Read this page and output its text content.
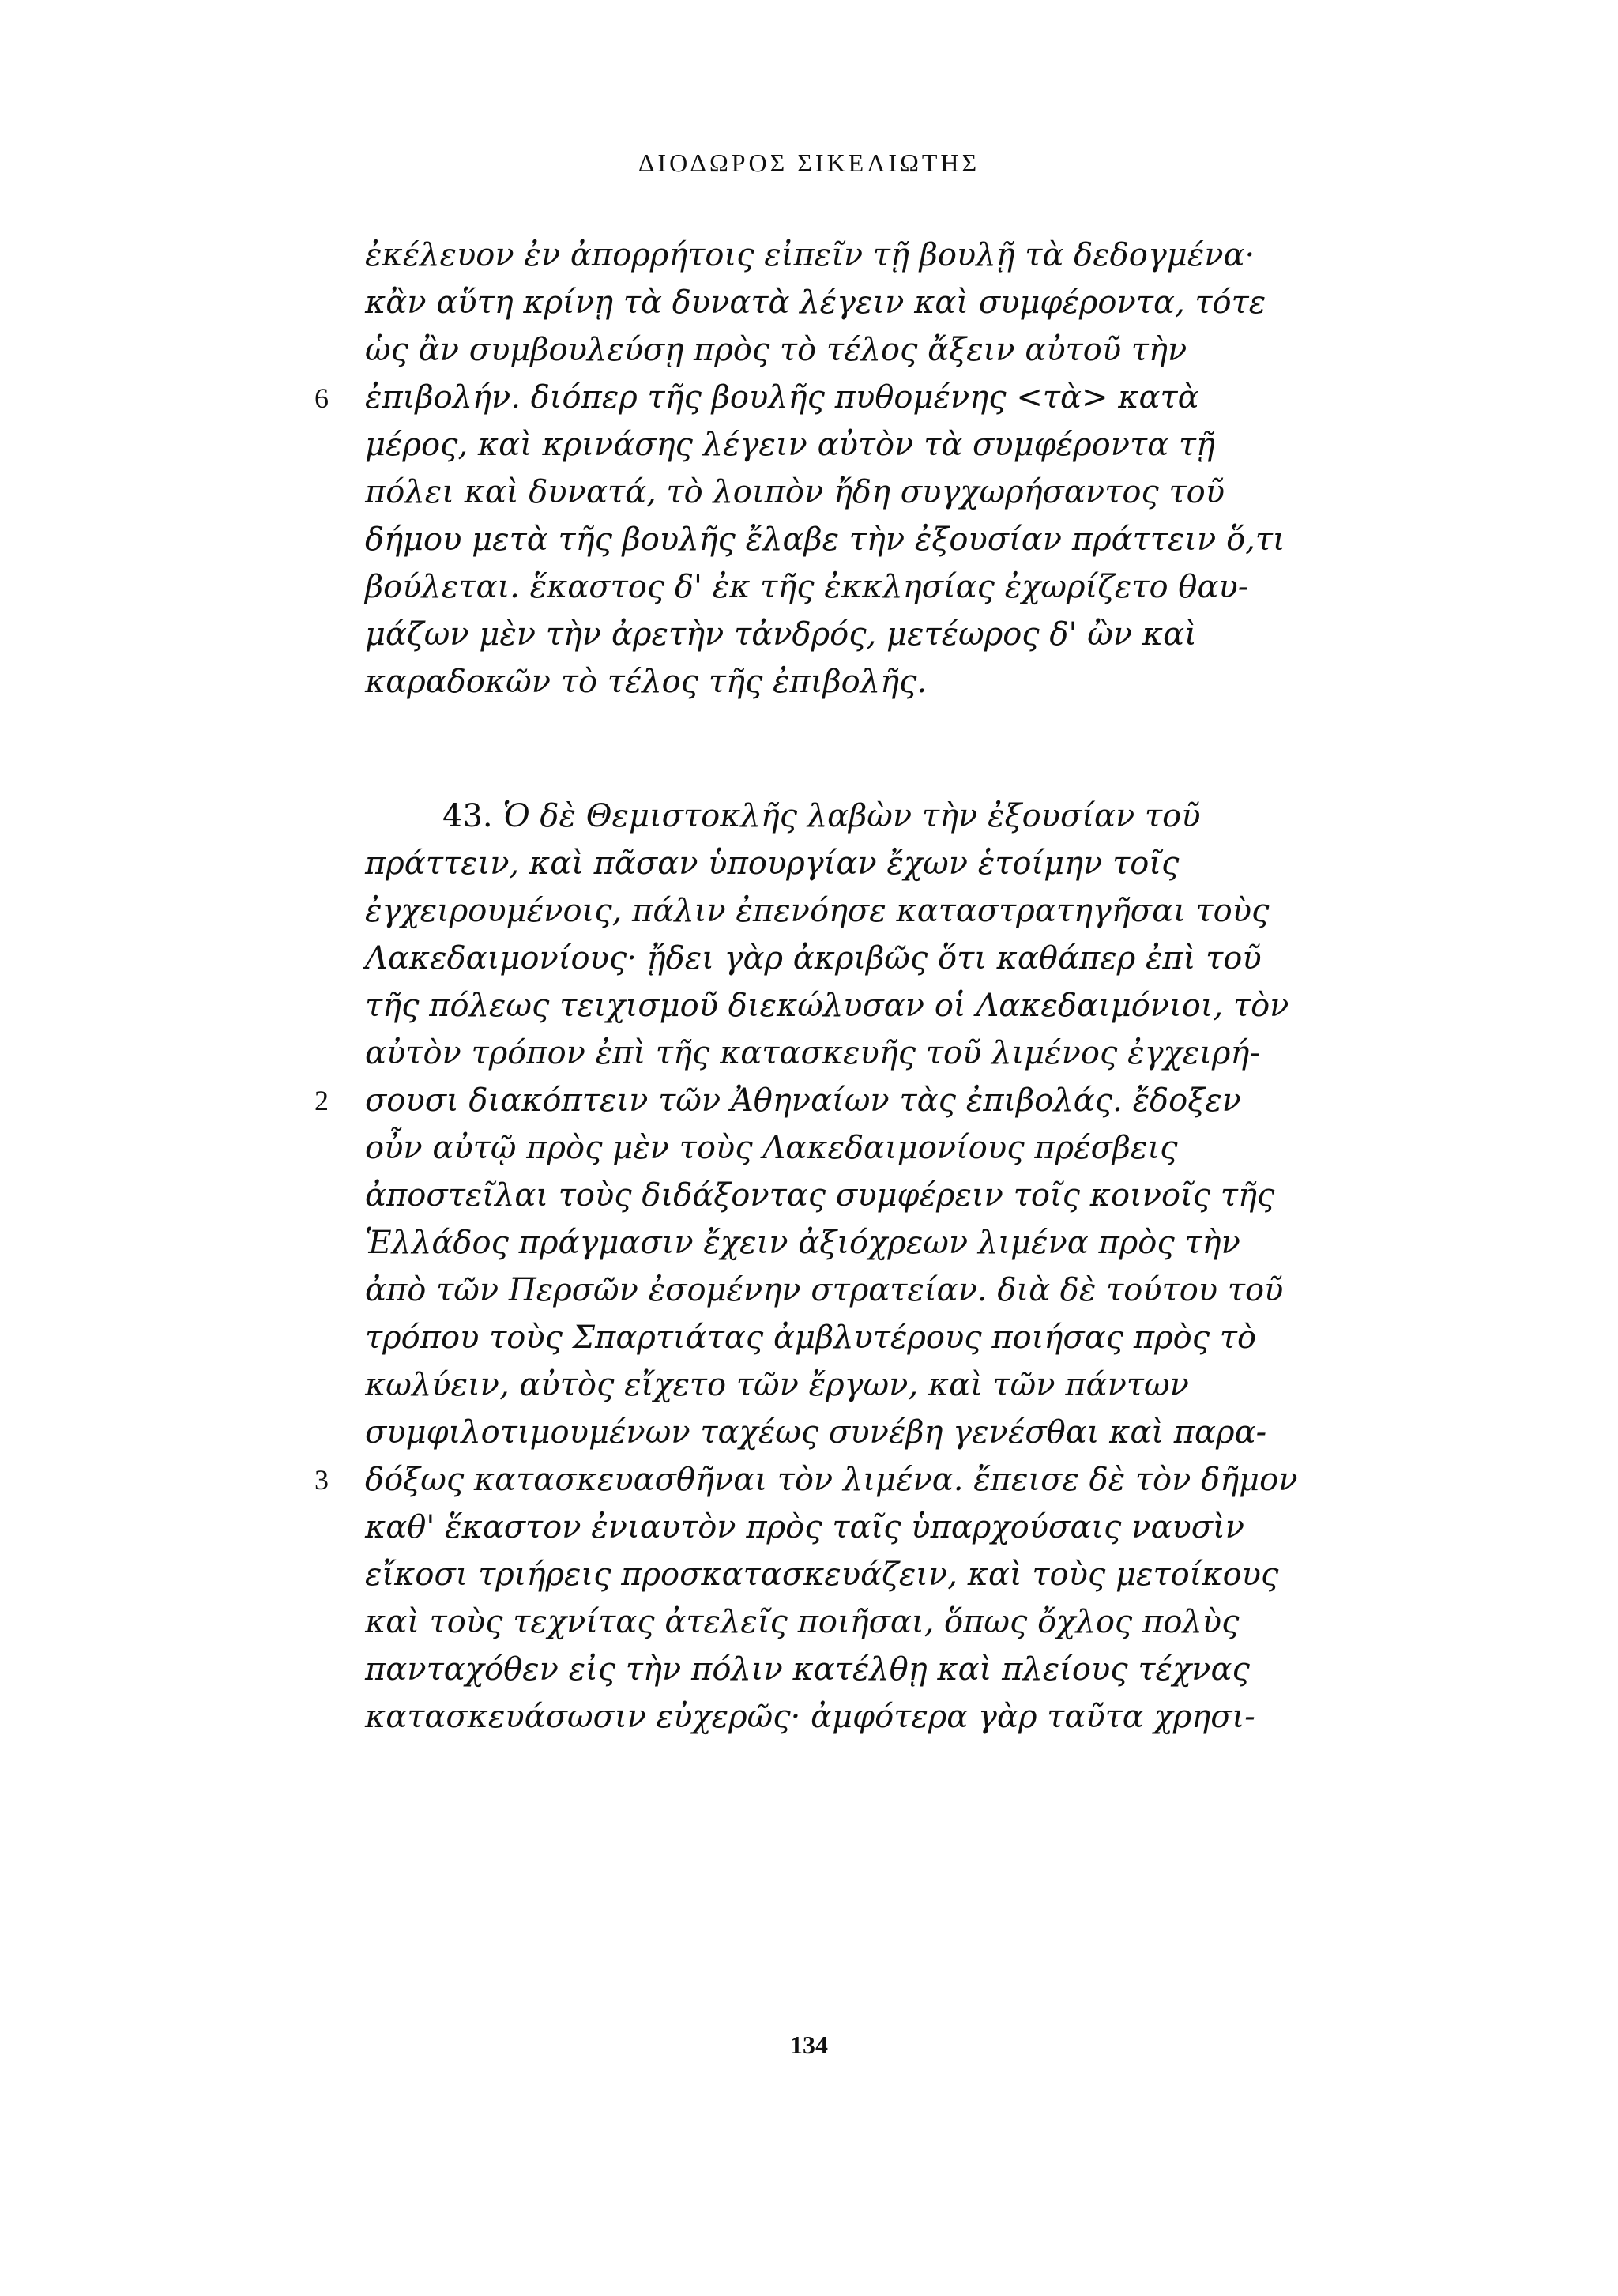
ΔΙΟΔΩΡΟΣ ΣΙΚΕΛΙΩΤΗΣ
ἐκέλευον ἐν ἀπορρήτοις εἰπεῖν τῇ βουλῇ τὰ δεδογμένα·
κἂν αὕτη κρίνῃ τὰ δυνατὰ λέγειν καὶ συμφέροντα, τότε
ὡς ἂν συμβουλεύσῃ πρὸς τὸ τέλος ἄξειν αὐτοῦ τὴν
6 ἐπιβολήν. διόπερ τῆς βουλῆς πυθομένης <τὰ> κατὰ
μέρος, καὶ κρινάσης λέγειν αὐτὸν τὰ συμφέροντα τῇ
πόλει καὶ δυνατά, τὸ λοιπὸν ἤδη συγχωρήσαντος τοῦ
δήμου μετὰ τῆς βουλῆς ἔλαβε τὴν ἐξουσίαν πράττειν ὅ,τι
βούλεται. ἕκαστος δ' ἐκ τῆς ἐκκλησίας ἐχωρίζετο θαυ-
μάζων μὲν τὴν ἀρετὴν τἀνδρός, μετέωρος δ' ὢν καὶ
καραδοκῶν τὸ τέλος τῆς ἐπιβολῆς.
43. Ὁ δὲ Θεμιστοκλῆς λαβὼν τὴν ἐξουσίαν τοῦ
πράττειν, καὶ πᾶσαν ὑπουργίαν ἔχων ἑτοίμην τοῖς
ἐγχειρουμένοις, πάλιν ἐπενόησε καταστρατηγῆσαι τοὺς
Λακεδαιμονίους· ᾔδει γὰρ ἀκριβῶς ὅτι καθάπερ ἐπὶ τοῦ
τῆς πόλεως τειχισμοῦ διεκώλυσαν οἱ Λακεδαιμόνιοι, τὸν
αὐτὸν τρόπον ἐπὶ τῆς κατασκευῆς τοῦ λιμένος ἐγχειρή-
2 σουσι διακόπτειν τῶν Ἀθηναίων τὰς ἐπιβολάς. ἔδοξεν
οὖν αὐτῷ πρὸς μὲν τοὺς Λακεδαιμονίους πρέσβεις
ἀποστεῖλαι τοὺς διδάξοντας συμφέρειν τοῖς κοινοῖς τῆς
Ἑλλάδος πράγμασιν ἔχειν ἀξιόχρεων λιμένα πρὸς τὴν
ἀπὸ τῶν Περσῶν ἐσομένην στρατείαν. διὰ δὲ τούτου τοῦ
τρόπου τοὺς Σπαρτιάτας ἀμβλυτέρους ποιήσας πρὸς τὸ
κωλύειν, αὐτὸς εἴχετο τῶν ἔργων, καὶ τῶν πάντων
συμφιλοτιμουμένων ταχέως συνέβη γενέσθαι καὶ παρα-
3 δόξως κατασκευασθῆναι τὸν λιμένα. ἔπεισε δὲ τὸν δῆμον
καθ' ἕκαστον ἐνιαυτὸν πρὸς ταῖς ὑπαρχούσαις ναυσὶν
εἴκοσι τριήρεις προσκατασκευάζειν, καὶ τοὺς μετοίκους
καὶ τοὺς τεχνίτας ἀτελεῖς ποιῆσαι, ὅπως ὄχλος πολὺς
πανταχόθεν εἰς τὴν πόλιν κατέλθῃ καὶ πλείους τέχνας
κατασκευάσωσιν εὐχερῶς· ἀμφότερα γὰρ ταῦτα χρησι-
134
